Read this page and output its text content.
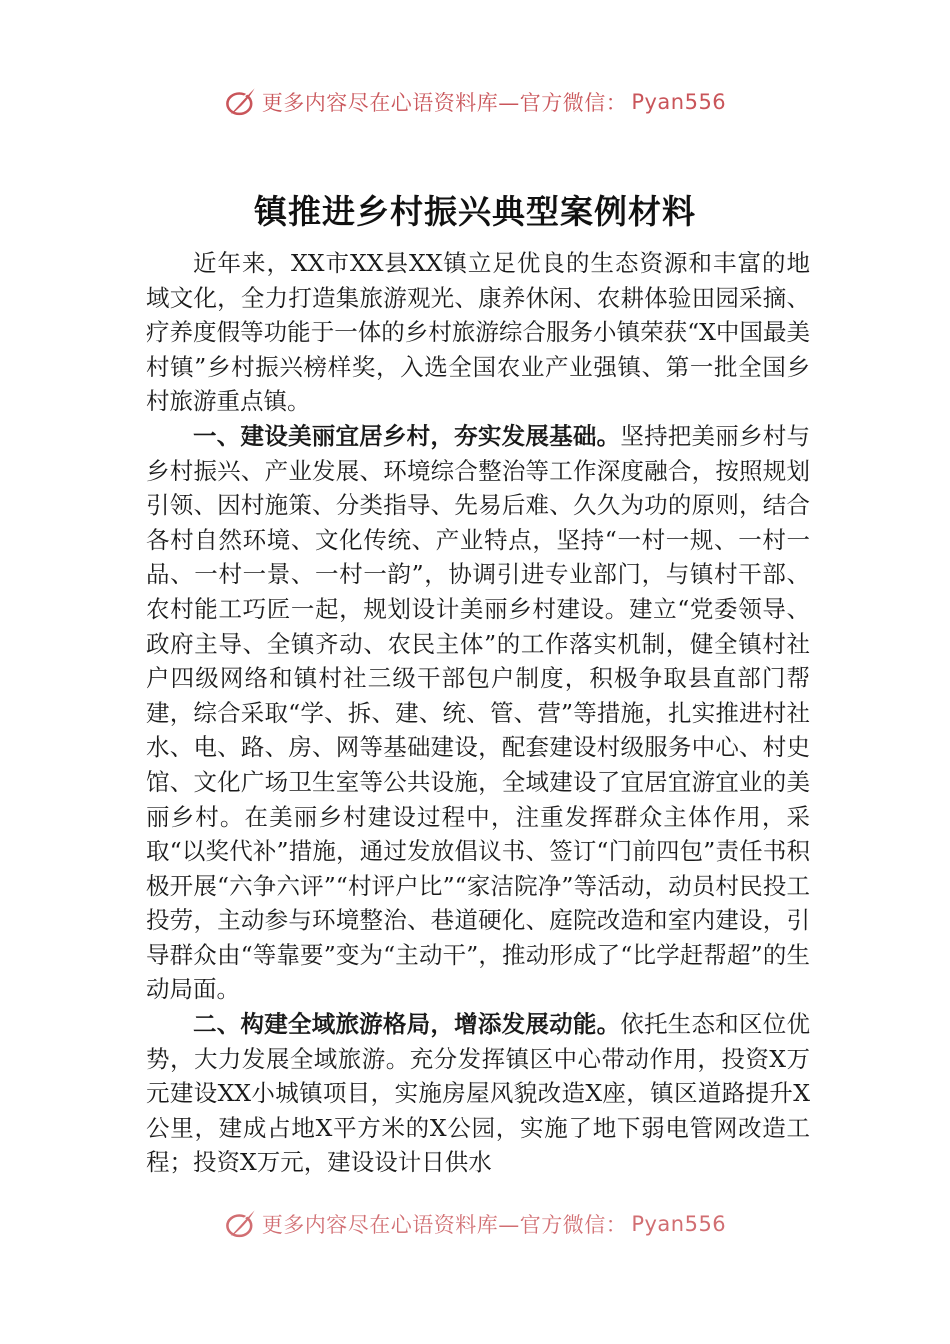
更多内容尽在心语资料库—官方微信： Pyan556
镇推进乡村振兴典型案例材料

近年来，XX市XX县XX镇立足优良的生态资源和丰富的地域文化，全力打造集旅游观光、康养休闲、农耕体验田园采摘、疗养度假等功能于一体的乡村旅游综合服务小镇荣获“X中国最美村镇”乡村振兴榜样奖，入选全国农业产业强镇、第一批全国乡村旅游重点镇。

一、建设美丽宜居乡村，夯实发展基础。坚持把美丽乡村与乡村振兴、产业发展、环境综合整治等工作深度融合，按照规划引领、因村施策、分类指导、先易后难、久久为功的原则，结合各村自然环境、文化传统、产业特点，坚持“一村一规、一村一品、一村一景、一村一韵”，协调引进专业部门，与镇村干部、农村能工巧匠一起，规划设计美丽乡村建设。建立“党委领导、政府主导、全镇齐动、农民主体”的工作落实机制，健全镇村社户四级网络和镇村社三级干部包户制度，积极争取县直部门帮建，综合采取“学、拆、建、统、管、营”等措施，扎实推进村社水、电、路、房、网等基础建设，配套建设村级服务中心、村史馆、文化广场卫生室等公共设施，全域建设了宜居宜游宜业的美丽乡村。在美丽乡村建设过程中，注重发挥群众主体作用，采取“以奖代补”措施，通过发放倡议书、签订“门前四包”责任书积极开展“六争六评”“村评户比”“家洁院净”等活动，动员村民投工投劳，主动参与环境整治、巷道硬化、庭院改造和室内建设，引导群众由“等靠要”变为“主动干”，推动形成了“比学赶帮超”的生动局面。

二、构建全域旅游格局，增添发展动能。依托生态和区位优势，大力发展全域旅游。充分发挥镇区中心带动作用，投资X万元建设XX小城镇项目，实施房屋风貌改造X座，镇区道路提升X公里，建成占地X平方米的X公园，实施了地下弱电管网改造工程；投资X万元，建设设计日供水

更多内容尽在心语资料库—官方微信： Pyan556
